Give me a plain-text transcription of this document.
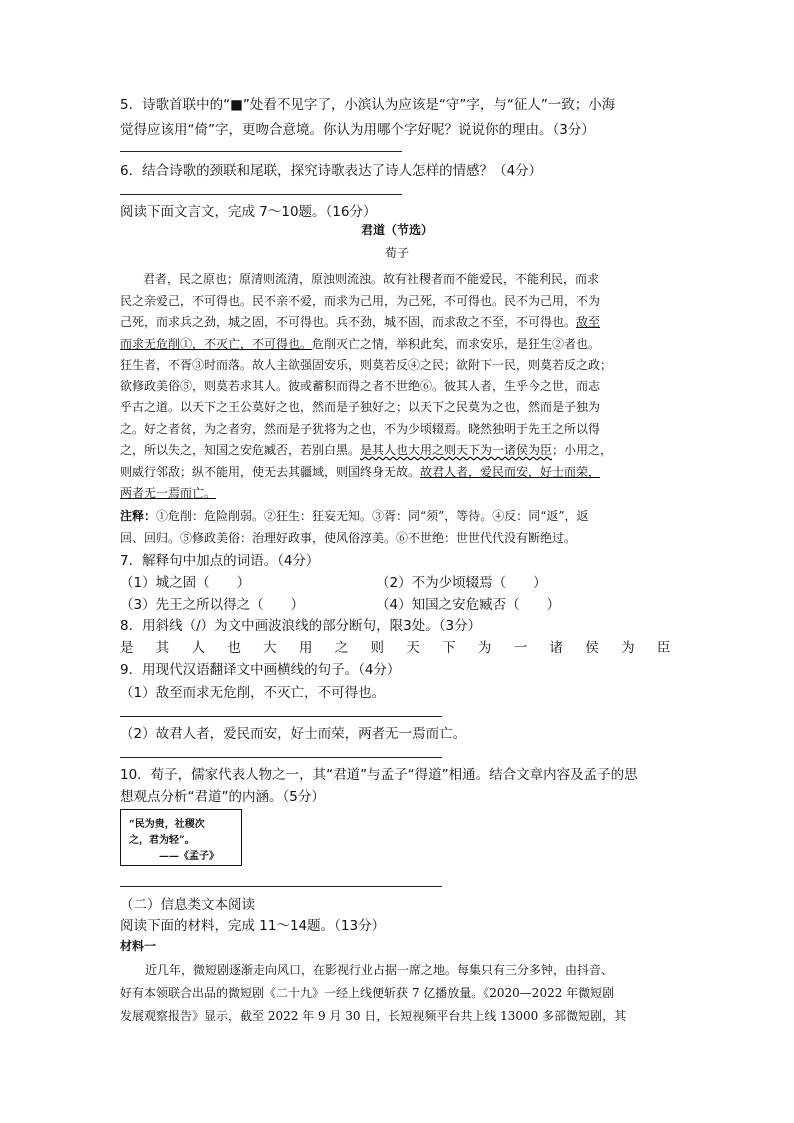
5．诗歌首联中的“■”处看不见字了，小滨认为应该是“守”字，与“征人”一致；小海
觉得应该用“倚”字，更吻合意境。你认为用哪个字好呢？说说你的理由。（3分）
6．结合诗歌的颈联和尾联，探究诗歌表达了诗人怎样的情感？（4分）
阅读下面文言文，完成 7～10题。（16分）
君道（节选）
荀子
君者，民之原也；原清则流清，原浊则流浊。故有社稷者而不能爱民，不能利民，而求
民之亲爱己，不可得也。民不亲不爱，而求为己用，为己死，不可得也。民不为己用，不为
己死，而求兵之劲，城之固，不可得也。兵不劲，城不固，而求敌之不至，不可得也。敌至
而求无危削①，不灭亡，不可得也。危削灭亡之情，举积此矣，而求安乐，是狂生②者也。
狂生者，不胥③时而落。故人主欲强固安乐，则莫若反④之民；欲附下一民，则莫若反之政；
欲修政美俗⑤，则莫若求其人。彼或蓄积而得之者不世绝⑥。彼其人者，生乎今之世，而志
乎古之道。以天下之王公莫好之也，然而是子独好之；以天下之民莫为之也，然而是子独为
之。好之者贫，为之者穷，然而是子犹将为之也，不为少顷辍焉。晓然独明于先王之所以得
之，所以失之，知国之安危臧否，若别白黑。是其人也大用之则天下为一诸侯为臣；小用之，
则威行邻敌；纵不能用，使无去其疆域，则国终身无故。故君人者，爱民而安，好士而荣，
两者无一焉而亡。
注释：①危削：危险削弱。②狂生：狂妄无知。③胥：同“须”，等待。④反：同“返”，返
回、回归。⑤修政美俗：治理好政事，使风俗淳美。⑥不世绝：世世代代没有断绝过。
7．解释句中加点的词语。（4分）
（1）城之固（　　）	（2）不为少顷辍焉（　　）
（3）先王之所以得之（　　）	（4）知国之安危臧否（　　）
8．用斜线（/）为文中画波浪线的部分断句，限3处。（3分）
是 其 人 也 大 用 之 则 天 下 为 一 诸 侯 为 臣
9．用现代汉语翻译文中画横线的句子。（4分）
（1）敌至而求无危削，不灭亡，不可得也。
（2）故君人者，爱民而安，好士而荣，两者无一焉而亡。
10．荀子，儒家代表人物之一，其“君道”与孟子“得道”相通。结合文章内容及孟子的思
想观点分析“君道”的内涵。（5分）
“民为贵，社稷次
之，君为轻”。
——《孟子》
（二）信息类文本阅读
阅读下面的材料，完成 11～14题。（13分）
材料一
近几年，微短剧逐渐走向风口，在影视行业占据一席之地。每集只有三分多钟，由抖音、
好有本领联合出品的微短剧《二十九》一经上线便斩获 7 亿播放量。《2020—2022 年微短剧
发展观察报告》显示，截至 2022 年 9 月 30 日，长短视频平台共上线 13000 多部微短剧，其
